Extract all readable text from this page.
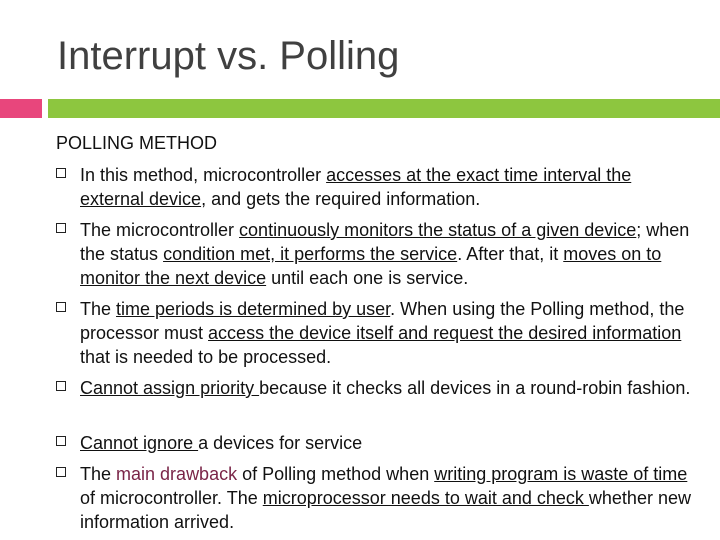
Interrupt vs. Polling
POLLING METHOD
In this method, microcontroller accesses at the exact time interval the external device, and gets the required information.
The microcontroller continuously monitors the status of a given device; when the status condition met, it performs the service. After that, it moves on to monitor the next device until each one is service.
The time periods is determined by user. When using the Polling method, the processor must access the device itself and request the desired information that is needed to be processed.
Cannot assign priority because it checks all devices in a round-robin fashion.
Cannot ignore a devices for service
The main drawback of Polling method when writing program is waste of time of microcontroller. The microprocessor needs to wait and check whether new information arrived.
